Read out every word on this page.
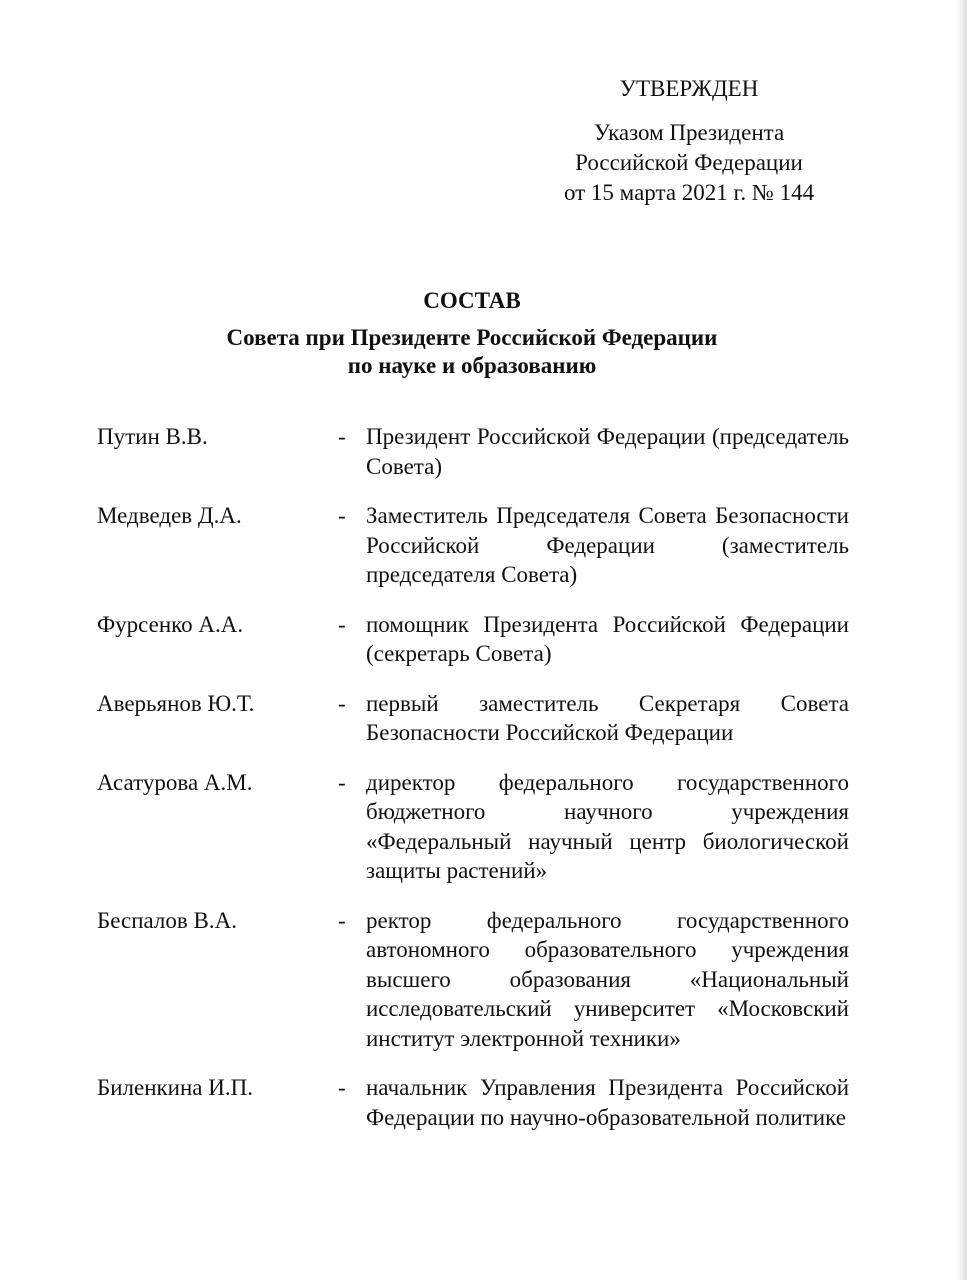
УТВЕРЖДЕН
Указом Президента
Российской Федерации
от 15 марта 2021 г. № 144
СОСТАВ
Совета при Президенте Российской Федерации
по науке и образованию
Путин В.В.	- Президент Российской Федерации (председатель Совета)
Медведев Д.А.	- Заместитель Председателя Совета Безопасности Российской Федерации (заместитель председателя Совета)
Фурсенко А.А.	- помощник Президента Российской Федерации (секретарь Совета)
Аверьянов Ю.Т.	- первый заместитель Секретаря Совета Безопасности Российской Федерации
Асатурова А.М.	- директор федерального государственного бюджетного научного учреждения «Федеральный научный центр биологической защиты растений»
Беспалов В.А.	- ректор федерального государственного автономного образовательного учреждения высшего образования «Национальный исследовательский университет «Московский институт электронной техники»
Биленкина И.П.	- начальник Управления Президента Российской Федерации по научно-образовательной политике
